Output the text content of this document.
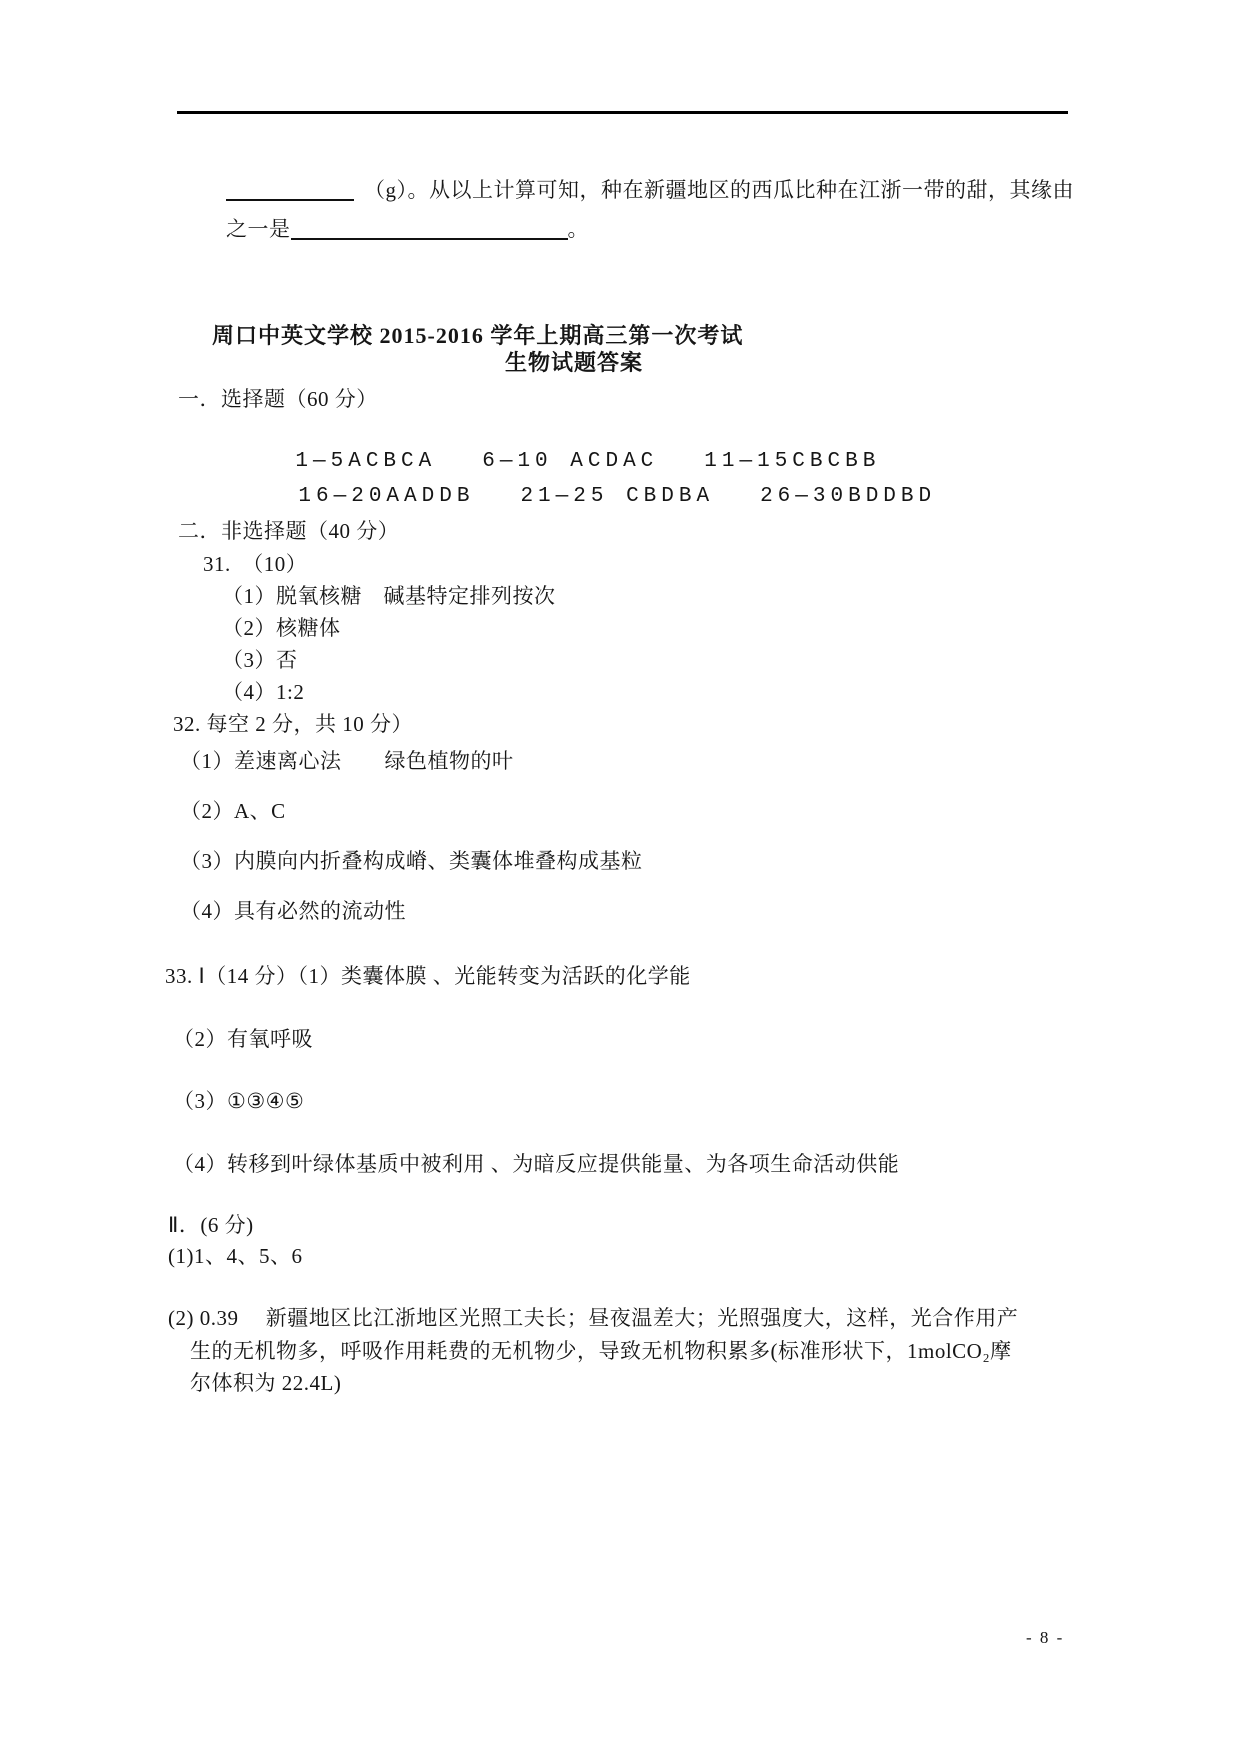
（g）。从以上计算可知，种在新疆地区的西瓜比种在江浙一带的甜，其缘由

之一是	。

周口中英文学校 2015-2016 学年上期高三第一次考试
生物试题答案
一．选择题（60 分）

1—5ACBCA 6—10 ACDAC 11—15CBCBB

16—20AADDB 21—25 CBDBA 26—30BDDBD

二．非选择题（40 分）
31.  （10）
（1）脱氧核糖　碱基特定排列按次
（2）核糖体
（3）否
（4）1:2
32. 每空 2 分，共 10 分）
（1）差速离心法　　绿色植物的叶
（2）A、C
（3）内膜向内折叠构成嵴、类囊体堆叠构成基粒
（4）具有必然的流动性
33. Ⅰ（14 分）（1）类囊体膜 、光能转变为活跃的化学能
（2）有氧呼吸
（3）①③④⑤
（4）转移到叶绿体基质中被利用 、为暗反应提供能量、为各项生命活动供能
Ⅱ．(6 分)
(1)1、4、5、6
(2) 0.39　 新疆地区比江浙地区光照工夫长；昼夜温差大；光照强度大，这样，光合作用产
生的无机物多，呼吸作用耗费的无机物少，导致无机物积累多(标准形状下，1molCO₂摩
尔体积为 22.4L)
- 8 -
